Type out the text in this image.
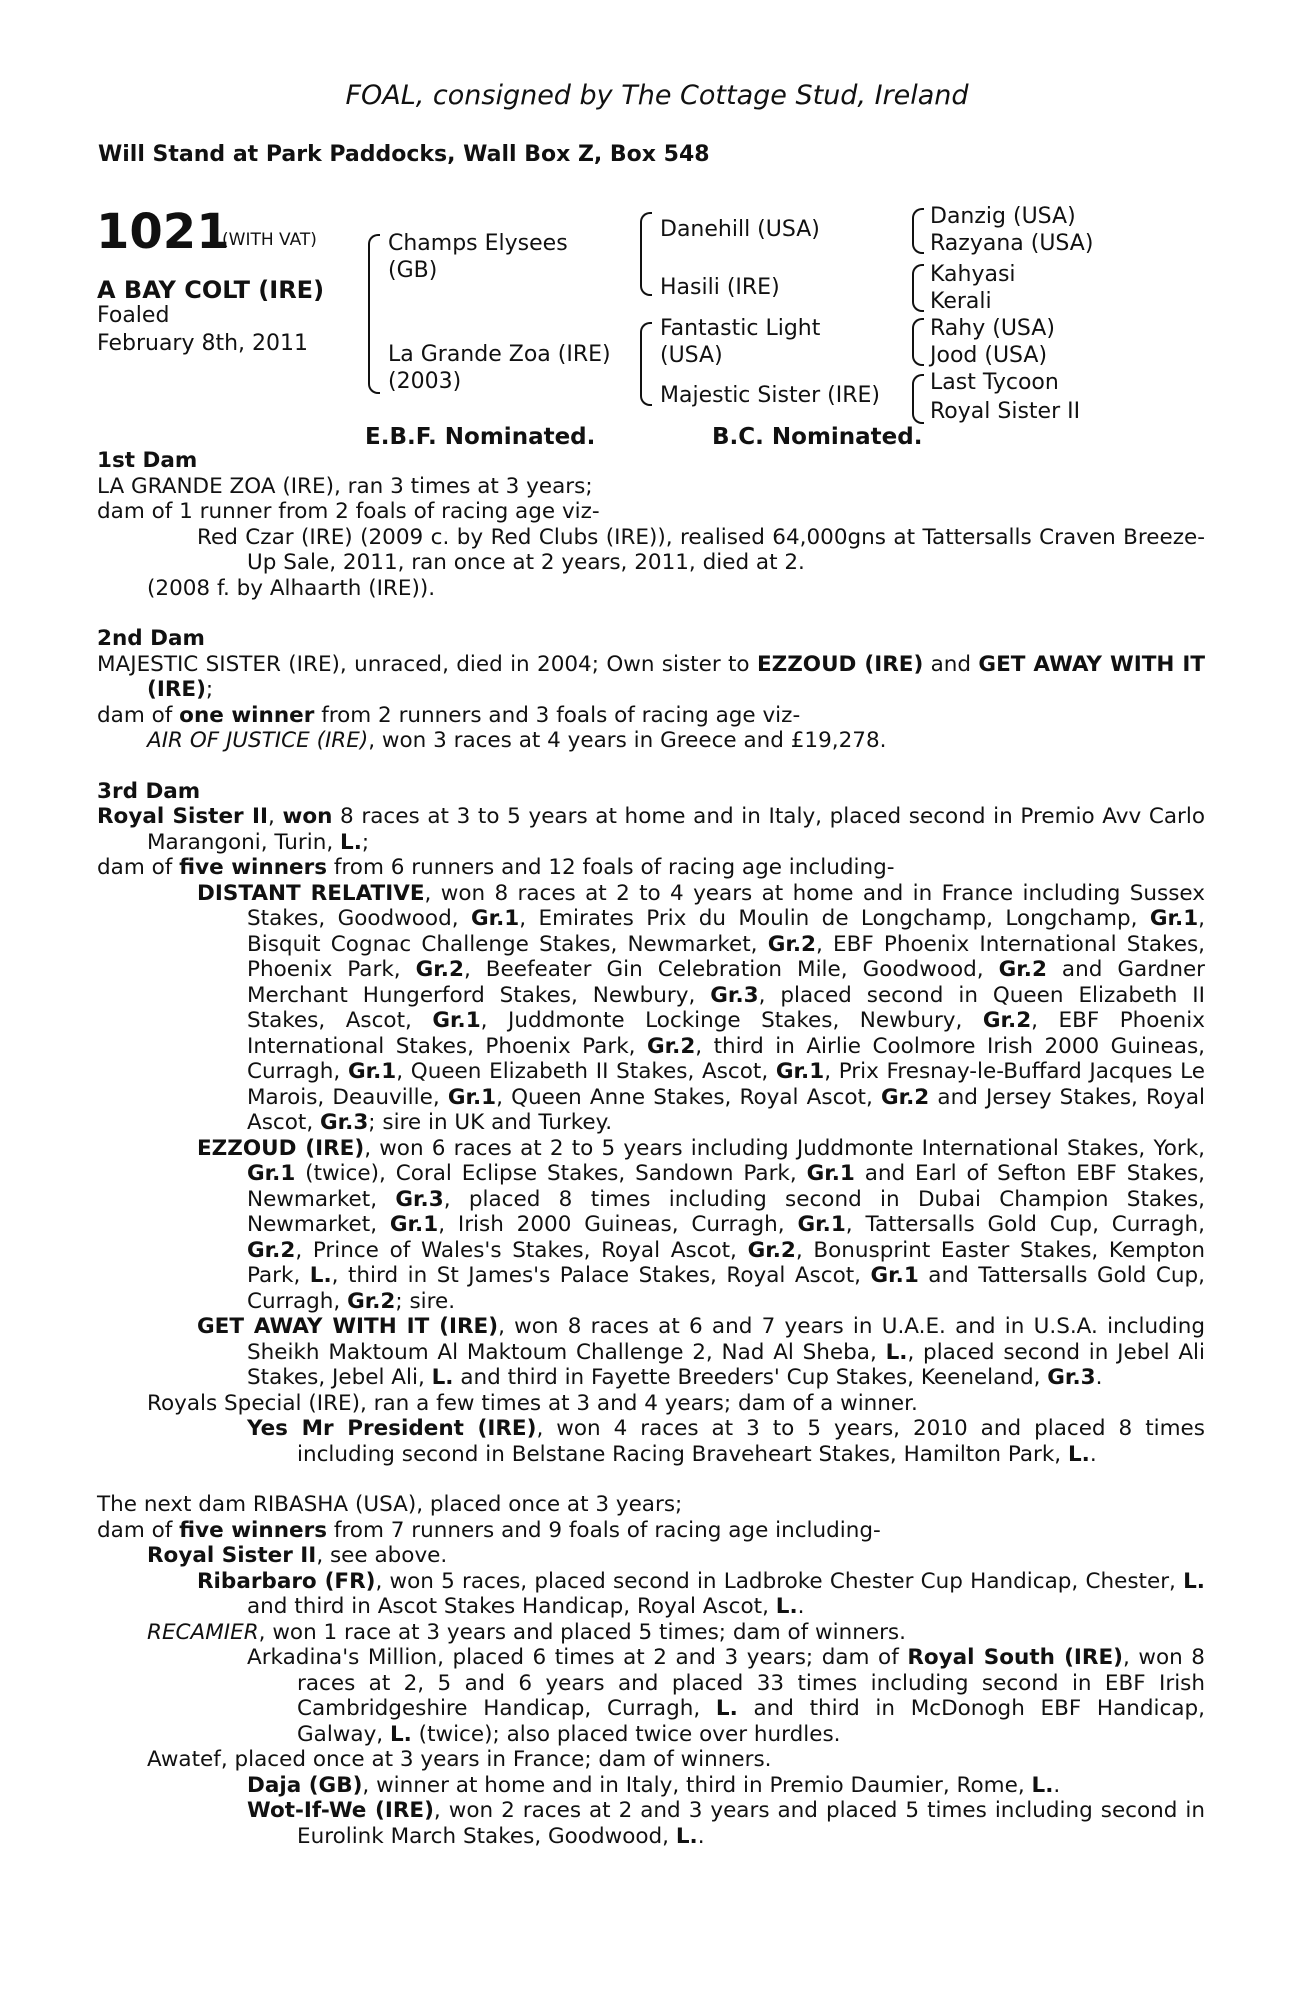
FOAL, consigned by The Cottage Stud, Ireland
Will Stand at Park Paddocks, Wall Box Z, Box 548
1021
(WITH VAT)
A BAY COLT (IRE)
Foaled
February 8th, 2011
Champs Elysees
(GB)
La Grande Zoa (IRE)
(2003)
Danehill (USA)
Hasili (IRE)
Fantastic Light
(USA)
Majestic Sister (IRE)
Danzig (USA)
Razyana (USA)
Kahyasi
Kerali
Rahy (USA)
Jood (USA)
Last Tycoon
Royal Sister II
E.B.F. Nominated.	B.C. Nominated.

1st Dam

LA GRANDE ZOA (IRE), ran 3 times at 3 years;

dam of 1 runner from 2 foals of racing age viz-

Red Czar (IRE) (2009 c. by Red Clubs (IRE)), realised 64,000gns at Tattersalls Craven Breeze-Up Sale, 2011, ran once at 2 years, 2011, died at 2.

(2008 f. by Alhaarth (IRE)).

2nd Dam

MAJESTIC SISTER (IRE), unraced, died in 2004; Own sister to EZZOUD (IRE) and GET AWAY WITH IT (IRE);

dam of one winner from 2 runners and 3 foals of racing age viz-

AIR OF JUSTICE (IRE), won 3 races at 4 years in Greece and £19,278.

3rd Dam

Royal Sister II, won 8 races at 3 to 5 years at home and in Italy, placed second in Premio Avv Carlo Marangoni, Turin, L.;

dam of five winners from 6 runners and 12 foals of racing age including-

DISTANT RELATIVE, won 8 races at 2 to 4 years at home and in France including Sussex Stakes, Goodwood, Gr.1, Emirates Prix du Moulin de Longchamp, Longchamp, Gr.1, Bisquit Cognac Challenge Stakes, Newmarket, Gr.2, EBF Phoenix International Stakes, Phoenix Park, Gr.2, Beefeater Gin Celebration Mile, Goodwood, Gr.2 and Gardner Merchant Hungerford Stakes, Newbury, Gr.3, placed second in Queen Elizabeth II Stakes, Ascot, Gr.1, Juddmonte Lockinge Stakes, Newbury, Gr.2, EBF Phoenix International Stakes, Phoenix Park, Gr.2, third in Airlie Coolmore Irish 2000 Guineas, Curragh, Gr.1, Queen Elizabeth II Stakes, Ascot, Gr.1, Prix Fresnay-le-Buffard Jacques Le Marois, Deauville, Gr.1, Queen Anne Stakes, Royal Ascot, Gr.2 and Jersey Stakes, Royal Ascot, Gr.3; sire in UK and Turkey.

EZZOUD (IRE), won 6 races at 2 to 5 years including Juddmonte International Stakes, York, Gr.1 (twice), Coral Eclipse Stakes, Sandown Park, Gr.1 and Earl of Sefton EBF Stakes, Newmarket, Gr.3, placed 8 times including second in Dubai Champion Stakes, Newmarket, Gr.1, Irish 2000 Guineas, Curragh, Gr.1, Tattersalls Gold Cup, Curragh, Gr.2, Prince of Wales's Stakes, Royal Ascot, Gr.2, Bonusprint Easter Stakes, Kempton Park, L., third in St James's Palace Stakes, Royal Ascot, Gr.1 and Tattersalls Gold Cup, Curragh, Gr.2; sire.

GET AWAY WITH IT (IRE), won 8 races at 6 and 7 years in U.A.E. and in U.S.A. including Sheikh Maktoum Al Maktoum Challenge 2, Nad Al Sheba, L., placed second in Jebel Ali Stakes, Jebel Ali, L. and third in Fayette Breeders' Cup Stakes, Keeneland, Gr.3.

Royals Special (IRE), ran a few times at 3 and 4 years; dam of a winner.

Yes Mr President (IRE), won 4 races at 3 to 5 years, 2010 and placed 8 times including second in Belstane Racing Braveheart Stakes, Hamilton Park, L..

The next dam RIBASHA (USA), placed once at 3 years;

dam of five winners from 7 runners and 9 foals of racing age including-

Royal Sister II, see above.

Ribarbaro (FR), won 5 races, placed second in Ladbroke Chester Cup Handicap, Chester, L. and third in Ascot Stakes Handicap, Royal Ascot, L..

RECAMIER, won 1 race at 3 years and placed 5 times; dam of winners.

Arkadina's Million, placed 6 times at 2 and 3 years; dam of Royal South (IRE), won 8 races at 2, 5 and 6 years and placed 33 times including second in EBF Irish Cambridgeshire Handicap, Curragh, L. and third in McDonogh EBF Handicap, Galway, L. (twice); also placed twice over hurdles.

Awatef, placed once at 3 years in France; dam of winners.

Daja (GB), winner at home and in Italy, third in Premio Daumier, Rome, L..

Wot-If-We (IRE), won 2 races at 2 and 3 years and placed 5 times including second in Eurolink March Stakes, Goodwood, L..
